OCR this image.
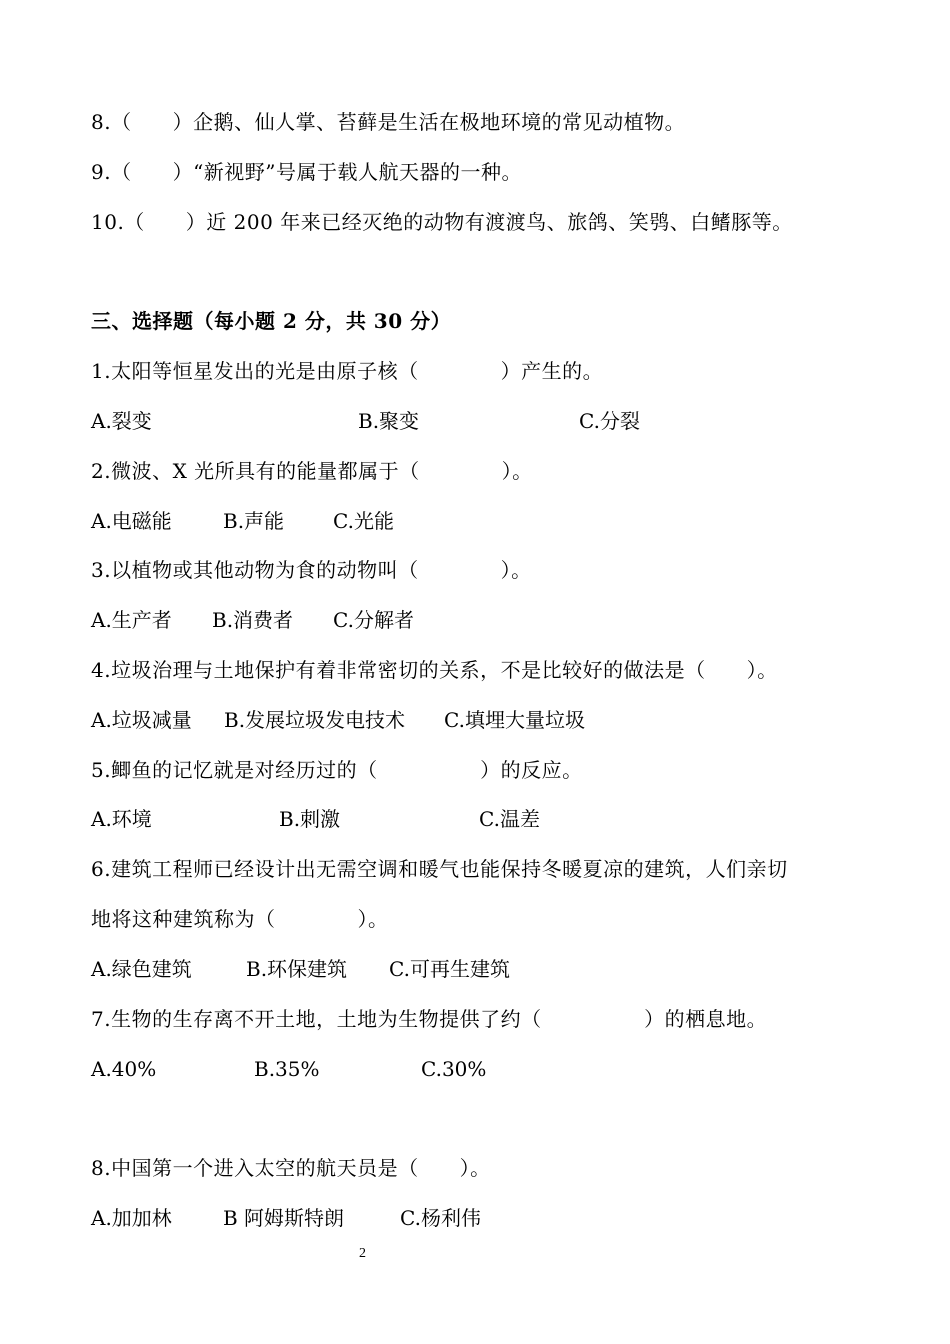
8.（　　）企鹅、仙人掌、苔藓是生活在极地环境的常见动植物。
9.（　　）“新视野”号属于载人航天器的一种。
10.（　　）近 200 年来已经灭绝的动物有渡渡鸟、旅鸽、笑鸮、白鳍豚等。
三、选择题（每小题 2 分，共 30 分）
1.太阳等恒星发出的光是由原子核（　　　　）产生的。
A.裂变	B.聚变	C.分裂
2.微波、X 光所具有的能量都属于（　　　　）。
A.电磁能	B.声能 C.光能
3.以植物或其他动物为食的动物叫（　　　　）。
A.生产者 B.消费者 C.分解者
4.垃圾治理与土地保护有着非常密切的关系，不是比较好的做法是（　　）。
A.垃圾减量 B.发展垃圾发电技术 C.填埋大量垃圾
5.鲫鱼的记忆就是对经历过的（　　　　　）的反应。
A.环境	B.刺激	C.温差
6.建筑工程师已经设计出无需空调和暖气也能保持冬暖夏凉的建筑，人们亲切
地将这种建筑称为（　　　　）。
A.绿色建筑	B.环保建筑 C.可再生建筑
7.生物的生存离不开土地，土地为生物提供了约（　　　　　）的栖息地。
A.40%	B.35%	C.30%
8.中国第一个进入太空的航天员是（　　）。
A.加加林	B 阿姆斯特朗	C.杨利伟
2
